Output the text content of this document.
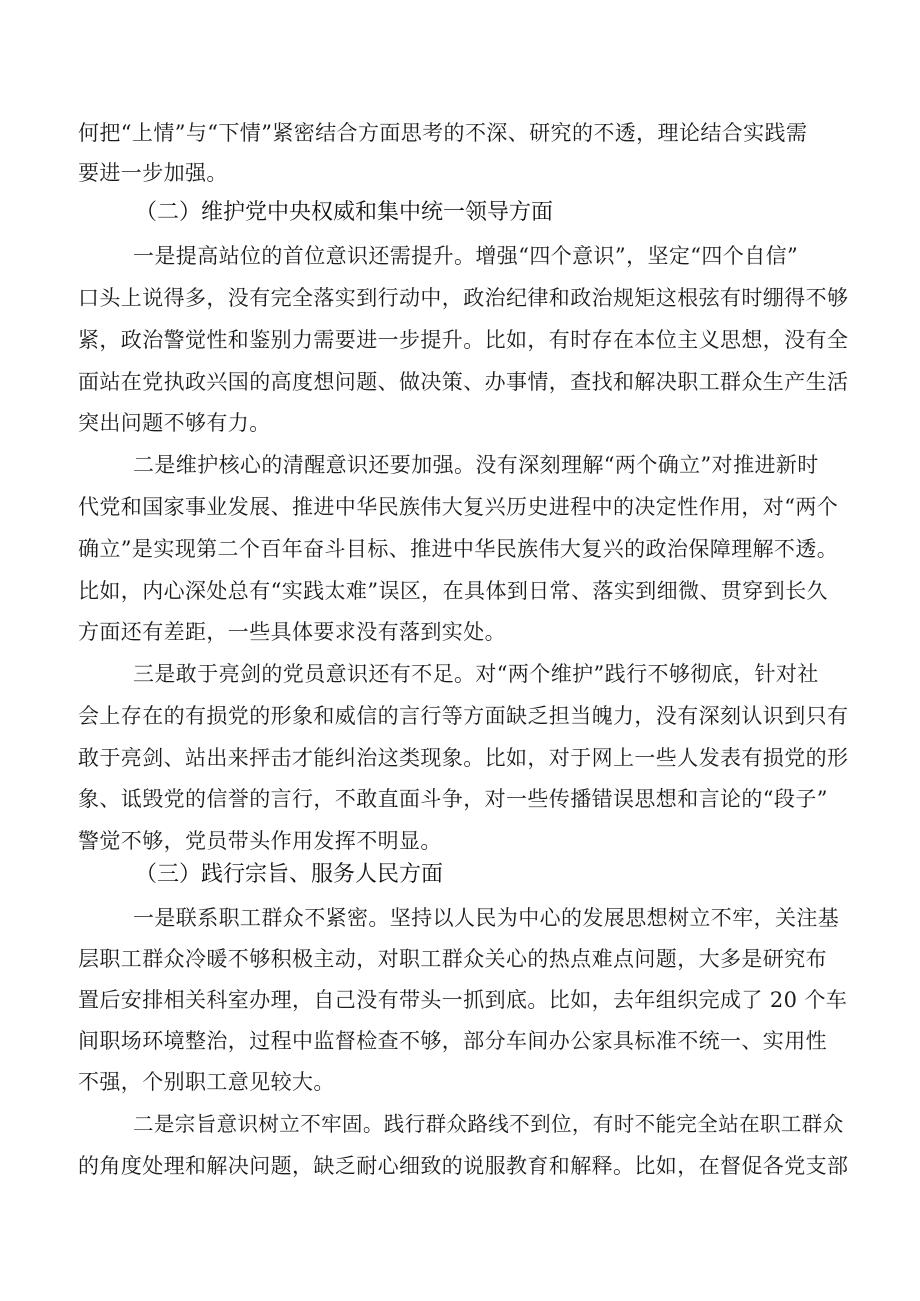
何把“上情”与“下情”紧密结合方面思考的不深、研究的不透，理论结合实践需
要进一步加强。
（二）维护党中央权威和集中统一领导方面
一是提高站位的首位意识还需提升。增强“四个意识”，坚定“四个自信”
口头上说得多，没有完全落实到行动中，政治纪律和政治规矩这根弦有时绷得不够
紧，政治警觉性和鉴别力需要进一步提升。比如，有时存在本位主义思想，没有全
面站在党执政兴国的高度想问题、做决策、办事情，查找和解决职工群众生产生活
突出问题不够有力。
二是维护核心的清醒意识还要加强。没有深刻理解“两个确立”对推进新时
代党和国家事业发展、推进中华民族伟大复兴历史进程中的决定性作用，对“两个
确立”是实现第二个百年奋斗目标、推进中华民族伟大复兴的政治保障理解不透。
比如，内心深处总有“实践太难”误区，在具体到日常、落实到细微、贯穿到长久
方面还有差距，一些具体要求没有落到实处。
三是敢于亮剑的党员意识还有不足。对“两个维护”践行不够彻底，针对社
会上存在的有损党的形象和威信的言行等方面缺乏担当魄力，没有深刻认识到只有
敢于亮剑、站出来抨击才能纠治这类现象。比如，对于网上一些人发表有损党的形
象、诋毁党的信誉的言行，不敢直面斗争，对一些传播错误思想和言论的“段子”
警觉不够，党员带头作用发挥不明显。
（三）践行宗旨、服务人民方面
一是联系职工群众不紧密。坚持以人民为中心的发展思想树立不牢，关注基
层职工群众冷暖不够积极主动，对职工群众关心的热点难点问题，大多是研究布
置后安排相关科室办理，自己没有带头一抓到底。比如，去年组织完成了 20 个车
间职场环境整治，过程中监督检查不够，部分车间办公家具标准不统一、实用性
不强，个别职工意见较大。
二是宗旨意识树立不牢固。践行群众路线不到位，有时不能完全站在职工群众
的角度处理和解决问题，缺乏耐心细致的说服教育和解释。比如，在督促各党支部
